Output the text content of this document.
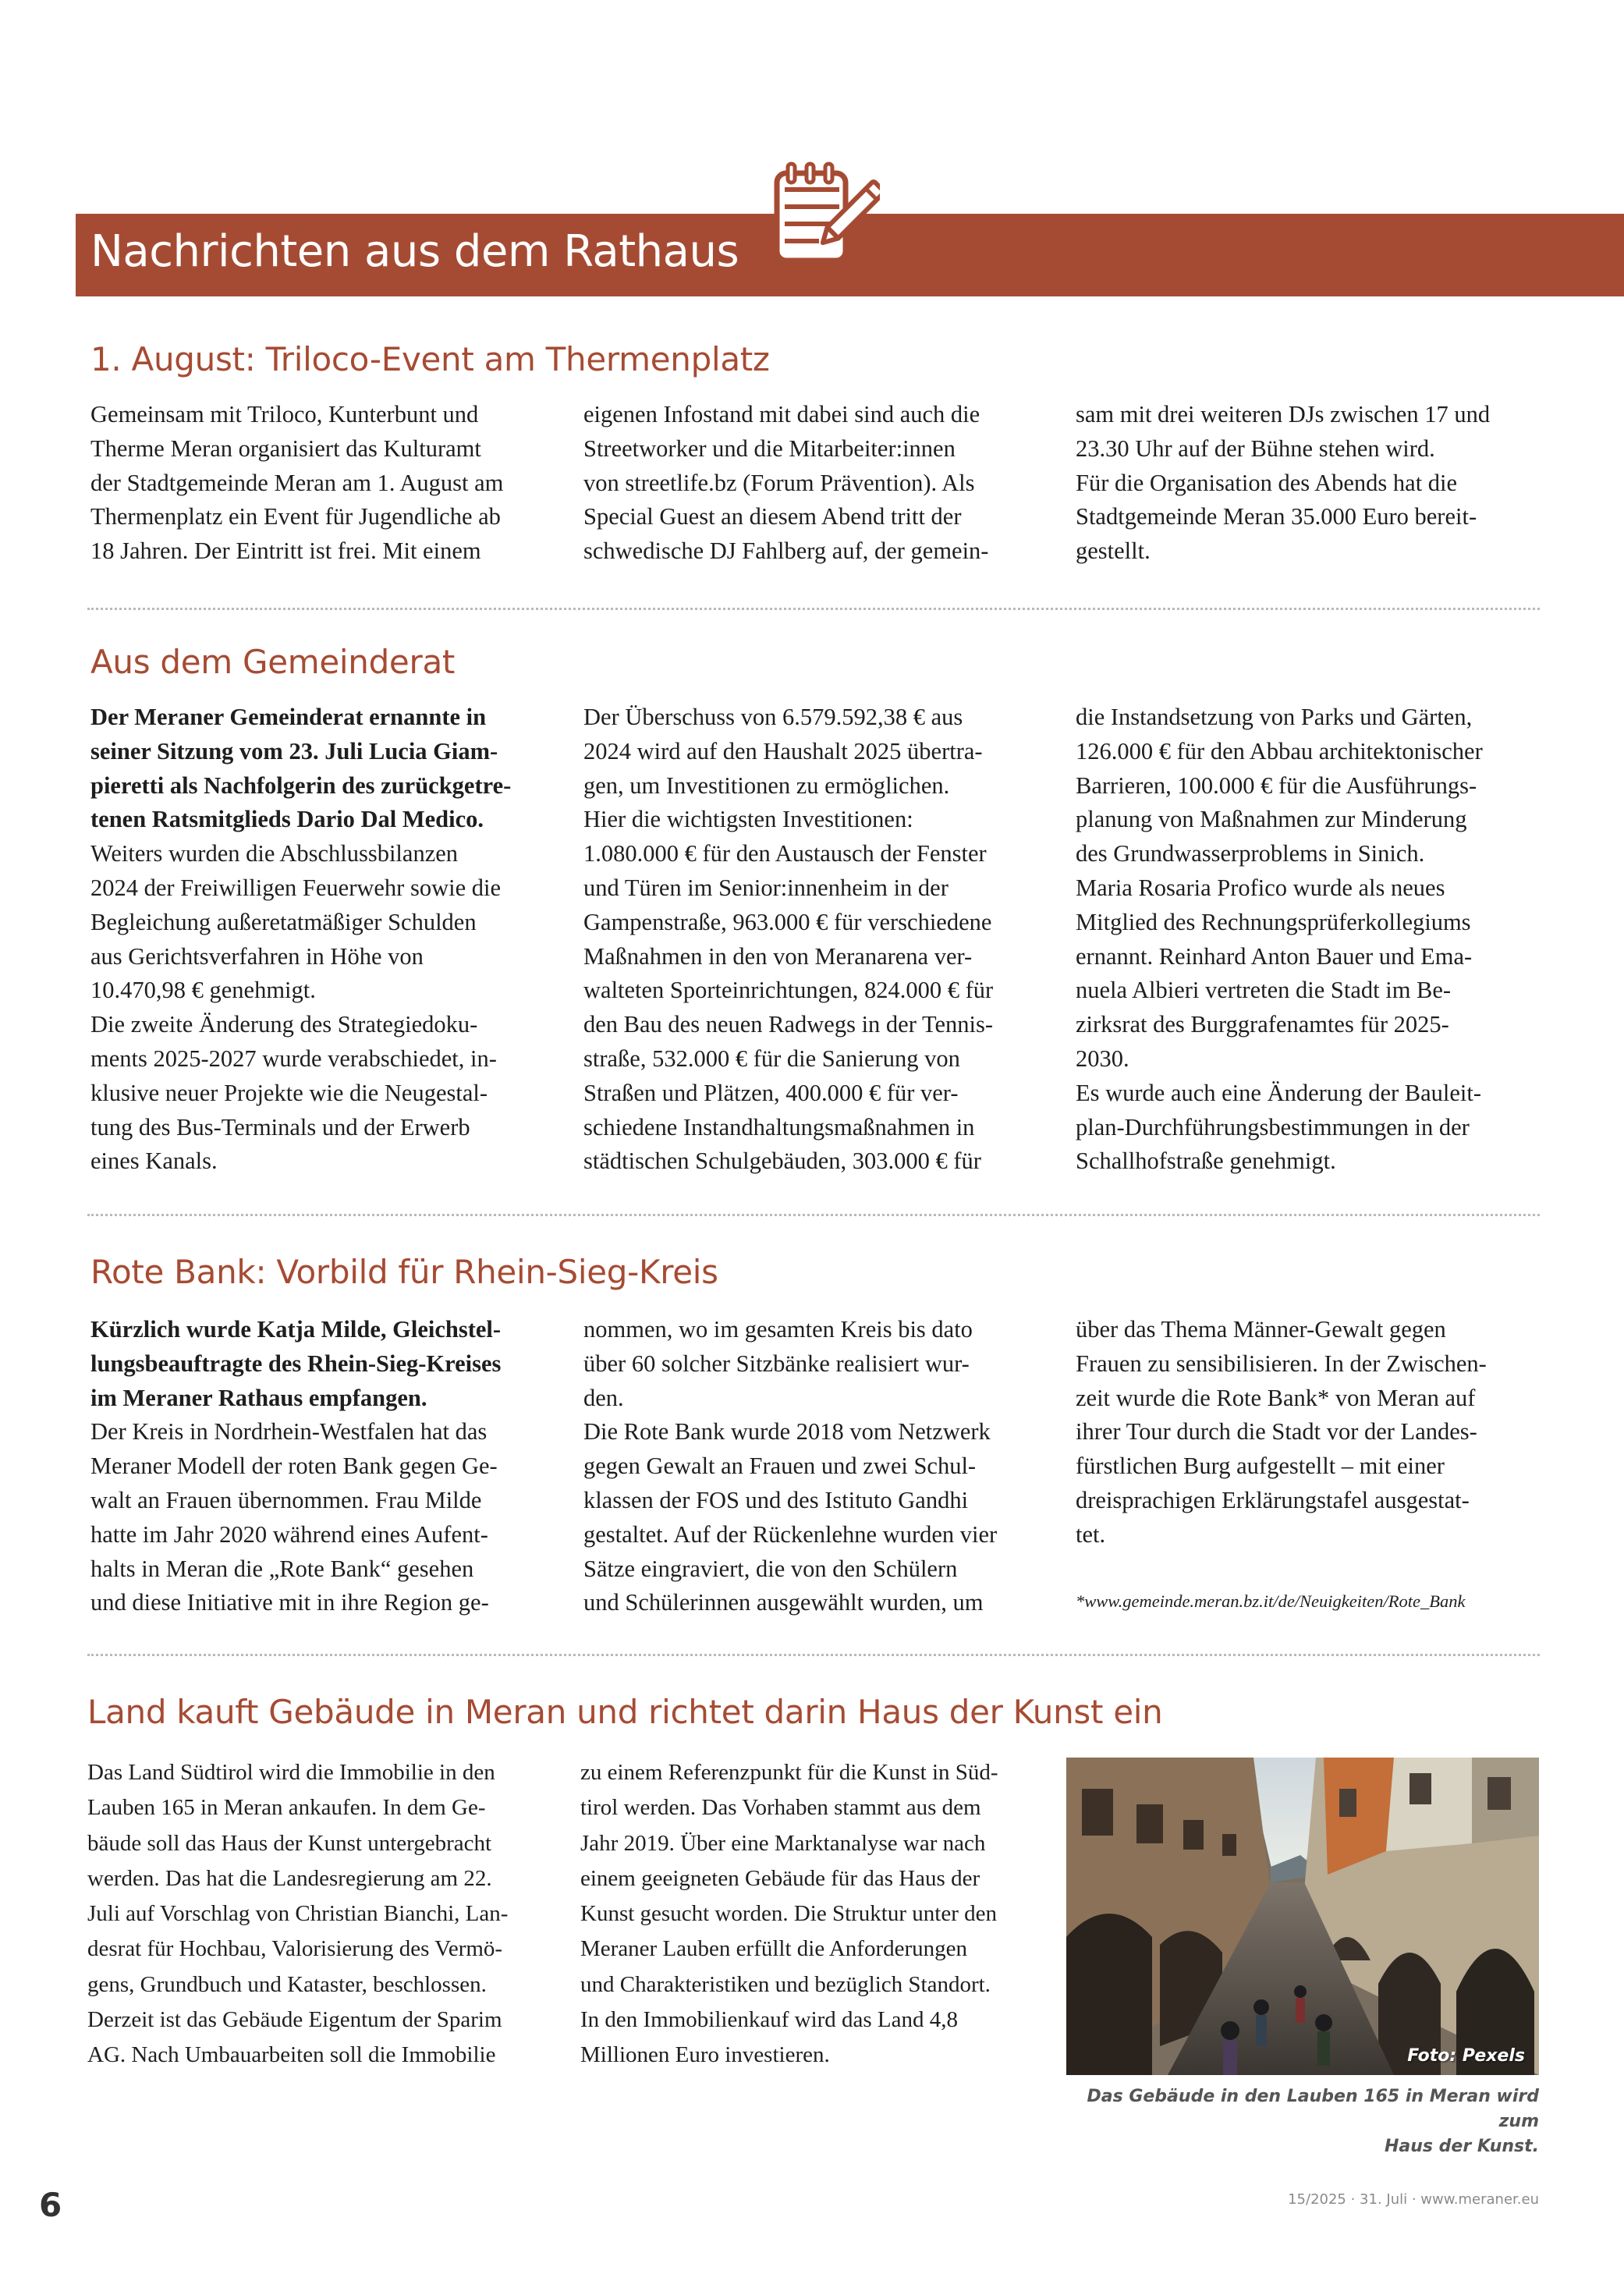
Nachrichten aus dem Rathaus
1. August: Triloco-Event am Thermenplatz

Gemeinsam mit Triloco, Kunterbunt und

Therme Meran organisiert das Kulturamt

der Stadtgemeinde Meran am 1. August am

Thermenplatz ein Event für Jugendliche ab

18 Jahren. Der Eintritt ist frei. Mit einem

eigenen Infostand mit dabei sind auch die

Streetworker und die Mitarbeiter:innen

von streetlife.bz (Forum Prävention). Als

Special Guest an diesem Abend tritt der

schwedische DJ Fahlberg auf, der gemein-

sam mit drei weiteren DJs zwischen 17 und

23.30 Uhr auf der Bühne stehen wird.

Für die Organisation des Abends hat die

Stadtgemeinde Meran 35.000 Euro bereit-

gestellt.

Aus dem Gemeinderat

Der Meraner Gemeinderat ernannte in

seiner Sitzung vom 23. Juli Lucia Giam-

pieretti als Nachfolgerin des zurückgetre-

tenen Ratsmitglieds Dario Dal Medico.

Weiters wurden die Abschlussbilanzen

2024 der Freiwilligen Feuerwehr sowie die

Begleichung außeretatmäßiger Schulden

aus Gerichtsverfahren in Höhe von

10.470,98 € genehmigt.

Die zweite Änderung des Strategiedoku-

ments 2025-2027 wurde verabschiedet, in-

klusive neuer Projekte wie die Neugestal-

tung des Bus-Terminals und der Erwerb

eines Kanals.

Der Überschuss von 6.579.592,38 € aus

2024 wird auf den Haushalt 2025 übertra-

gen, um Investitionen zu ermöglichen.

Hier die wichtigsten Investitionen:

1.080.000 € für den Austausch der Fenster

und Türen im Senior:innenheim in der

Gampenstraße, 963.000 € für verschiedene

Maßnahmen in den von Meranarena ver-

walteten Sporteinrichtungen, 824.000 € für

den Bau des neuen Radwegs in der Tennis-

straße, 532.000 € für die Sanierung von

Straßen und Plätzen, 400.000 € für ver-

schiedene Instandhaltungsmaßnahmen in

städtischen Schulgebäuden, 303.000 € für

die Instandsetzung von Parks und Gärten,

126.000 € für den Abbau architektonischer

Barrieren, 100.000 € für die Ausführungs-

planung von Maßnahmen zur Minderung

des Grundwasserproblems in Sinich.

Maria Rosaria Profico wurde als neues

Mitglied des Rechnungsprüferkollegiums

ernannt. Reinhard Anton Bauer und Ema-

nuela Albieri vertreten die Stadt im Be-

zirksrat des Burggrafenamtes für 2025-

2030.

Es wurde auch eine Änderung der Bauleit-

plan-Durchführungsbestimmungen in der

Schallhofstraße genehmigt.

Rote Bank: Vorbild für Rhein-Sieg-Kreis

Kürzlich wurde Katja Milde, Gleichstel-

lungsbeauftragte des Rhein-Sieg-Kreises

im Meraner Rathaus empfangen.

Der Kreis in Nordrhein-Westfalen hat das

Meraner Modell der roten Bank gegen Ge-

walt an Frauen übernommen. Frau Milde

hatte im Jahr 2020 während eines Aufent-

halts in Meran die „Rote Bank“ gesehen

und diese Initiative mit in ihre Region ge-

nommen, wo im gesamten Kreis bis dato

über 60 solcher Sitzbänke realisiert wur-

den.

Die Rote Bank wurde 2018 vom Netzwerk

gegen Gewalt an Frauen und zwei Schul-

klassen der FOS und des Istituto Gandhi

gestaltet. Auf der Rückenlehne wurden vier

Sätze eingraviert, die von den Schülern

und Schülerinnen ausgewählt wurden, um

über das Thema Männer-Gewalt gegen

Frauen zu sensibilisieren. In der Zwischen-

zeit wurde die Rote Bank* von Meran auf

ihrer Tour durch die Stadt vor der Landes-

fürstlichen Burg aufgestellt – mit einer

dreisprachigen Erklärungstafel ausgestat-

tet.

*www.gemeinde.meran.bz.it/de/Neuigkeiten/Rote_Bank
Land kauft Gebäude in Meran und richtet darin Haus der Kunst ein

Das Land Südtirol wird die Immobilie in den

Lauben 165 in Meran ankaufen. In dem Ge-

bäude soll das Haus der Kunst untergebracht

werden. Das hat die Landesregierung am 22.

Juli auf Vorschlag von Christian Bianchi, Lan-

desrat für Hochbau, Valorisierung des Vermö-

gens, Grundbuch und Kataster, beschlossen.

Derzeit ist das Gebäude Eigentum der Sparim

AG. Nach Umbauarbeiten soll die Immobilie

zu einem Referenzpunkt für die Kunst in Süd-

tirol werden. Das Vorhaben stammt aus dem

Jahr 2019. Über eine Marktanalyse war nach

einem geeigneten Gebäude für das Haus der

Kunst gesucht worden. Die Struktur unter den

Meraner Lauben erfüllt die Anforderungen

und Charakteristiken und bezüglich Standort.

In den Immobilienkauf wird das Land 4,8

Millionen Euro investieren.	Foto: Pexels
Das Gebäude in den Lauben 165 in Meran wird zum
Haus der Kunst.
6	15/2025 · 31. Juli · www.meraner.eu
